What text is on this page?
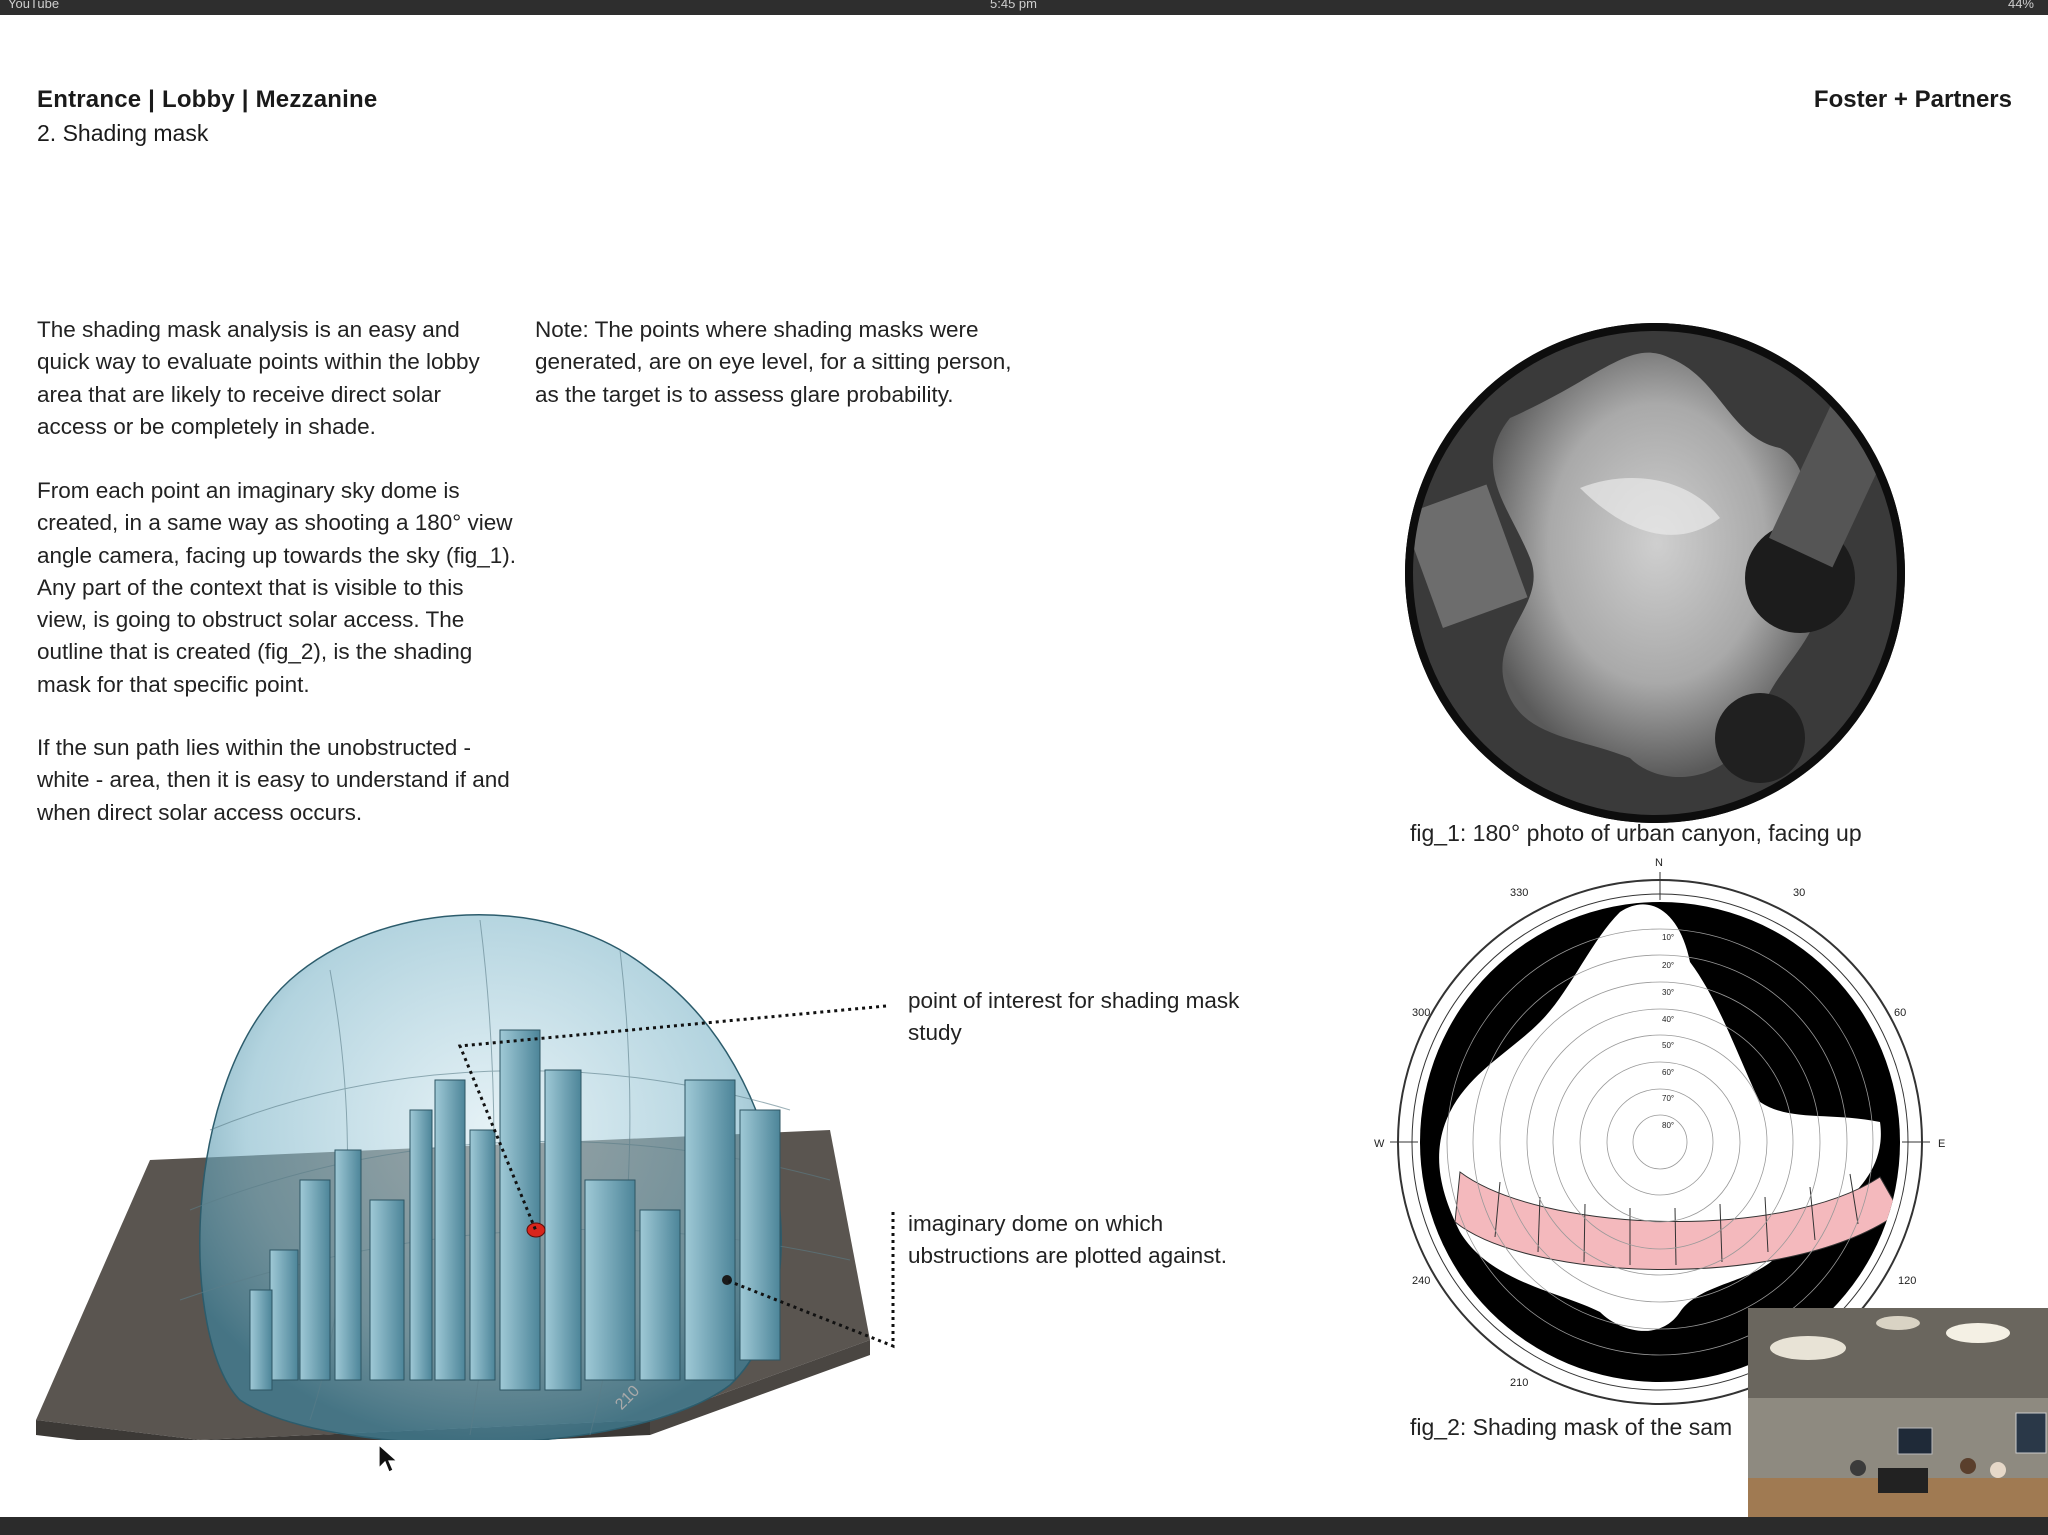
YouTube	5:45 pm	44%
Entrance | Lobby | Mezzanine
2. Shading mask
Foster + Partners

The shading mask analysis is an easy and quick way to evaluate points within the lobby area that are likely to receive direct solar access or be completely in shade.

From each point an imaginary sky dome is created, in a same way as shooting a 180° view angle camera, facing up towards the sky (fig_1). Any part of the context that is visible to this view, is going to obstruct solar access. The outline that is created (fig_2), is the shading mask for that specific point.

If the sun path lies within the unobstructed - white - area, then it is easy to understand if and when direct solar access occurs.

Note: The points where shading masks were generated, are on eye level, for a sitting person, as the target is to assess glare probability.

210
point of interest for shading mask study
imaginary dome on which ubstructions are plotted against.
fig_1: 180° photo of urban canyon, facing up
N
W	E
330	30
300	60
240	120
210
10°
20°
30°
40°
50°
60°
70°
80°
fig_2: Shading mask of the sam
